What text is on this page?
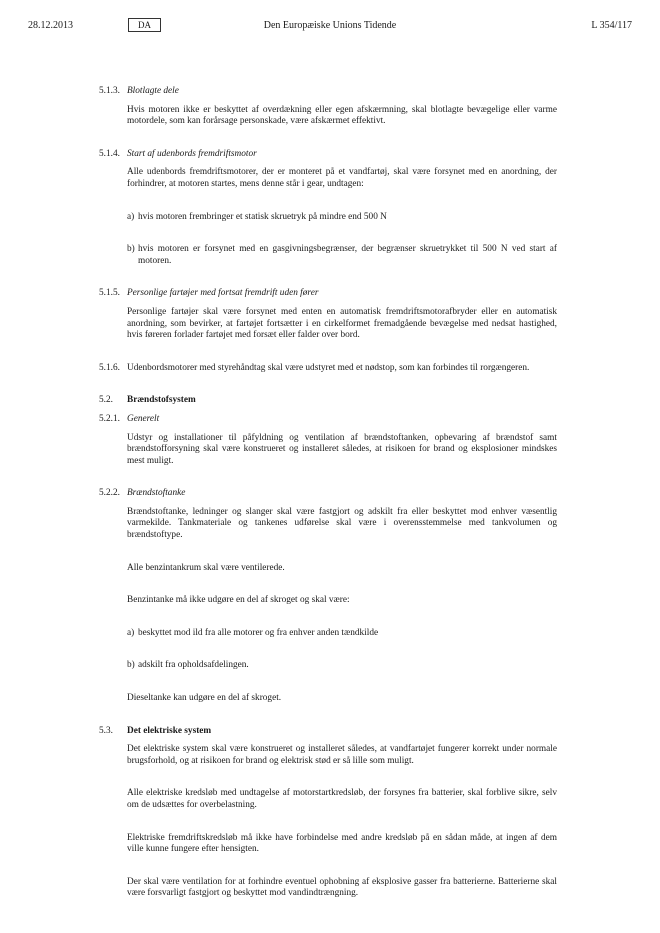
28.12.2013	DA	Den Europæiske Unions Tidende	L 354/117
5.1.3. Blotlagte dele

Hvis motoren ikke er beskyttet af overdækning eller egen afskærmning, skal blotlagte bevægelige eller varme motordele, som kan forårsage personskade, være afskærmet effektivt.

5.1.4. Start af udenbords fremdriftsmotor

Alle udenbords fremdriftsmotorer, der er monteret på et vandfartøj, skal være forsynet med en anordning, der forhindrer, at motoren startes, mens denne står i gear, undtagen:

a) hvis motoren frembringer et statisk skruetryk på mindre end 500 N
b) hvis motoren er forsynet med en gasgivningsbegrænser, der begrænser skruetrykket til 500 N ved start af motoren.
5.1.5. Personlige fartøjer med fortsat fremdrift uden fører

Personlige fartøjer skal være forsynet med enten en automatisk fremdriftsmotorafbryder eller en automatisk anordning, som bevirker, at fartøjet fortsætter i en cirkelformet fremadgående bevægelse med nedsat hastighed, hvis føreren forlader fartøjet med forsæt eller falder over bord.

5.1.6. Udenbordsmotorer med styrehåndtag skal være udstyret med et nødstop, som kan forbindes til rorgængeren.
5.2. Brændstofsystem
5.2.1. Generelt

Udstyr og installationer til påfyldning og ventilation af brændstoftanken, opbevaring af brændstof samt brændstofforsyning skal være konstrueret og installeret således, at risikoen for brand og eksplosioner mindskes mest muligt.

5.2.2. Brændstoftanke

Brændstoftanke, ledninger og slanger skal være fastgjort og adskilt fra eller beskyttet mod enhver væsentlig varmekilde. Tankmateriale og tankenes udførelse skal være i overensstemmelse med tankvolumen og brændstoftype.

Alle benzintankrum skal være ventilerede.

Benzintanke må ikke udgøre en del af skroget og skal være:

a) beskyttet mod ild fra alle motorer og fra enhver anden tændkilde
b) adskilt fra opholdsafdelingen.

Dieseltanke kan udgøre en del af skroget.

5.3. Det elektriske system

Det elektriske system skal være konstrueret og installeret således, at vandfartøjet fungerer korrekt under normale brugsforhold, og at risikoen for brand og elektrisk stød er så lille som muligt.

Alle elektriske kredsløb med undtagelse af motorstartkredsløb, der forsynes fra batterier, skal forblive sikre, selv om de udsættes for overbelastning.

Elektriske fremdriftskredsløb må ikke have forbindelse med andre kredsløb på en sådan måde, at ingen af dem ville kunne fungere efter hensigten.

Der skal være ventilation for at forhindre eventuel ophobning af eksplosive gasser fra batterierne. Batterierne skal være forsvarligt fastgjort og beskyttet mod vandindtrængning.
